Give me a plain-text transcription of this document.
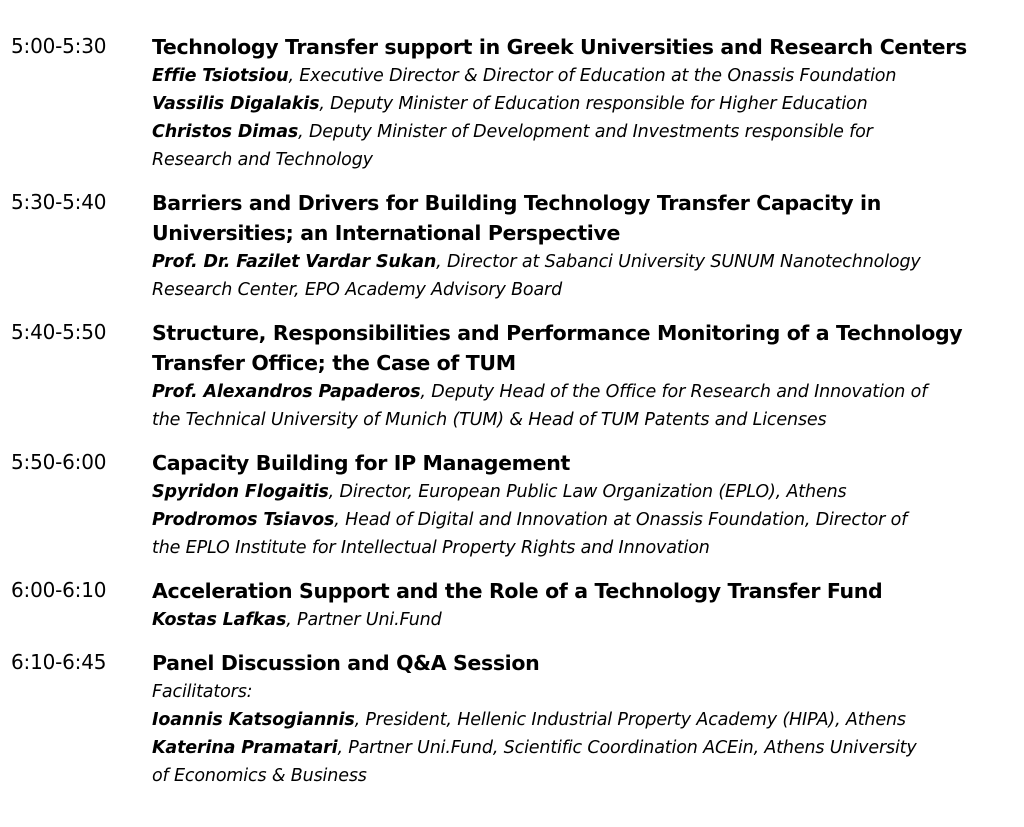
5:00-5:30 Technology Transfer support in Greek Universities and Research Centers
Effie Tsiotsiou, Executive Director & Director of Education at the Onassis Foundation
Vassilis Digalakis, Deputy Minister of Education responsible for Higher Education
Christos Dimas, Deputy Minister of Development and Investments responsible for
Research and Technology
5:30-5:40 Barriers and Drivers for Building Technology Transfer Capacity in
Universities; an International Perspective
Prof. Dr. Fazilet Vardar Sukan, Director at Sabanci University SUNUM Nanotechnology
Research Center, EPO Academy Advisory Board
5:40-5:50 Structure, Responsibilities and Performance Monitoring of a Technology
Transfer Office; the Case of TUM
Prof. Alexandros Papaderos, Deputy Head of the Office for Research and Innovation of
the Technical University of Munich (TUM) & Head of TUM Patents and Licenses
5:50-6:00 Capacity Building for IP Management
Spyridon Flogaitis, Director, European Public Law Organization (EPLO), Athens
Prodromos Tsiavos, Head of Digital and Innovation at Onassis Foundation, Director of
the EPLO Institute for Intellectual Property Rights and Innovation
6:00-6:10 Acceleration Support and the Role of a Technology Transfer Fund
Kostas Lafkas, Partner Uni.Fund
6:10-6:45 Panel Discussion and Q&A Session
Facilitators:
Ioannis Katsogiannis, President, Hellenic Industrial Property Academy (HIPA), Athens
Katerina Pramatari, Partner Uni.Fund, Scientific Coordination ACEin, Athens University
of Economics & Business
